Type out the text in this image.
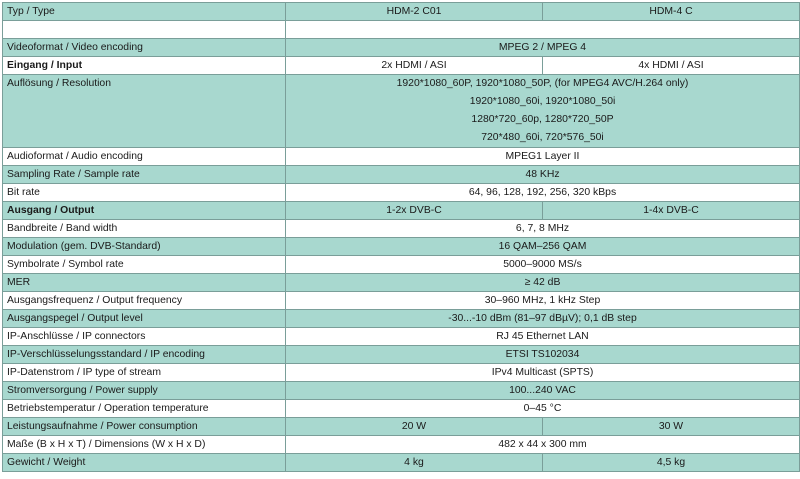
Typ / Type	HDM-2 C01	HDM-4 C

Videoformat / Video encoding	MPEG 2 / MPEG 4	
Eingang / Input	2x HDMI / ASI	4x HDMI / ASI
Auflösung / Resolution	1920*1080_60P, 1920*1080_50P, (for MPEG4 AVC/H.264 only)
1920*1080_60i, 1920*1080_50i
1280*720_60p, 1280*720_50P
720*480_60i, 720*576_50i	

Audioformat / Audio encoding	MPEG1 Layer II	
Sampling Rate / Sample rate	48 KHz	
Bit rate	64, 96, 128, 192, 256, 320 kBps	
Ausgang / Output	1-2x DVB-C	1-4x DVB-C
Bandbreite / Band width	6, 7, 8 MHz	
Modulation (gem. DVB-Standard)	16 QAM–256 QAM	
Symbolrate / Symbol rate	5000–9000 MS/s	
MER	≥ 42 dB	
Ausgangsfrequenz / Output frequency	30–960 MHz, 1 kHz Step	
Ausgangspegel / Output level	-30...-10 dBm (81–97 dBµV); 0,1 dB step	
IP-Anschlüsse / IP connectors	RJ 45 Ethernet LAN	
IP-Verschlüsselungsstandard / IP encoding	ETSI TS102034	
IP-Datenstrom / IP type of stream	IPv4 Multicast (SPTS)	
Stromversorgung / Power supply	100...240 VAC	
Betriebstemperatur / Operation temperature	0–45 °C	
Leistungsaufnahme / Power consumption	20 W	30 W
Maße (B x H x T) / Dimensions (W x H x D)	482 x 44 x 300 mm	
Gewicht / Weight	4 kg	4,5 kg
